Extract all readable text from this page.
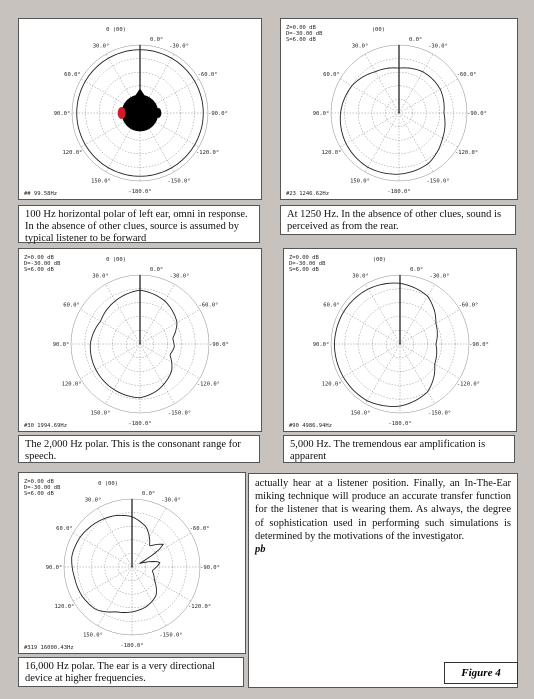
-180.0°
30.0°
60.0°
90.0°
120.0°
150.0°
-30.0°
-60.0°
-90.0°
-120.0°
-150.0°
0.0°
0 (00)
## 99.58Hz
100 Hz horizontal polar of left ear, omni in response. In the absence of other clues, source is assumed by typical listener to be forward
-180.0°
30.0°
60.0°
90.0°
120.0°
150.0°
-30.0°
-60.0°
-90.0°
-120.0°
-150.0°
0.0°
(00)
Z=0.00 dB
D=-30.00 dB
S=6.00 dB
#23 1246.62Hz
At 1250 Hz. In the absence of other clues, sound is perceived as from the rear.
-180.0°
30.0°
60.0°
90.0°
120.0°
150.0°
-30.0°
-60.0°
-90.0°
-120.0°
-150.0°
0.0°
0 (00)
Z=0.00 dB
D=-30.00 dB
S=6.00 dB
#30 1994.69Hz
The 2,000 Hz polar. This is the consonant range for speech.
-180.0°
30.0°
60.0°
90.0°
120.0°
150.0°
-30.0°
-60.0°
-90.0°
-120.0°
-150.0°
0.0°
(00)
Z=0.00 dB
D=-30.00 dB
S=6.00 dB
#90 4986.94Hz
5,000 Hz. The tremendous ear amplification is apparent
-180.0°
30.0°
60.0°
90.0°
120.0°
150.0°
-30.0°
-60.0°
-90.0°
-120.0°
-150.0°
0.0°
0 (00)
Z=0.00 dB
D=-30.00 dB
S=6.00 dB
#319 16000.43Hz
16,000 Hz polar. The ear is a very directional device at higher frequencies.

actually hear at a listener position. Finally, an In-The-Ear miking technique will produce an accurate transfer function for the listener that is wearing them. As always, the degree of sophistication used in performing such simulations is determined by the motivations of the investigator.

pb
Figure 4
